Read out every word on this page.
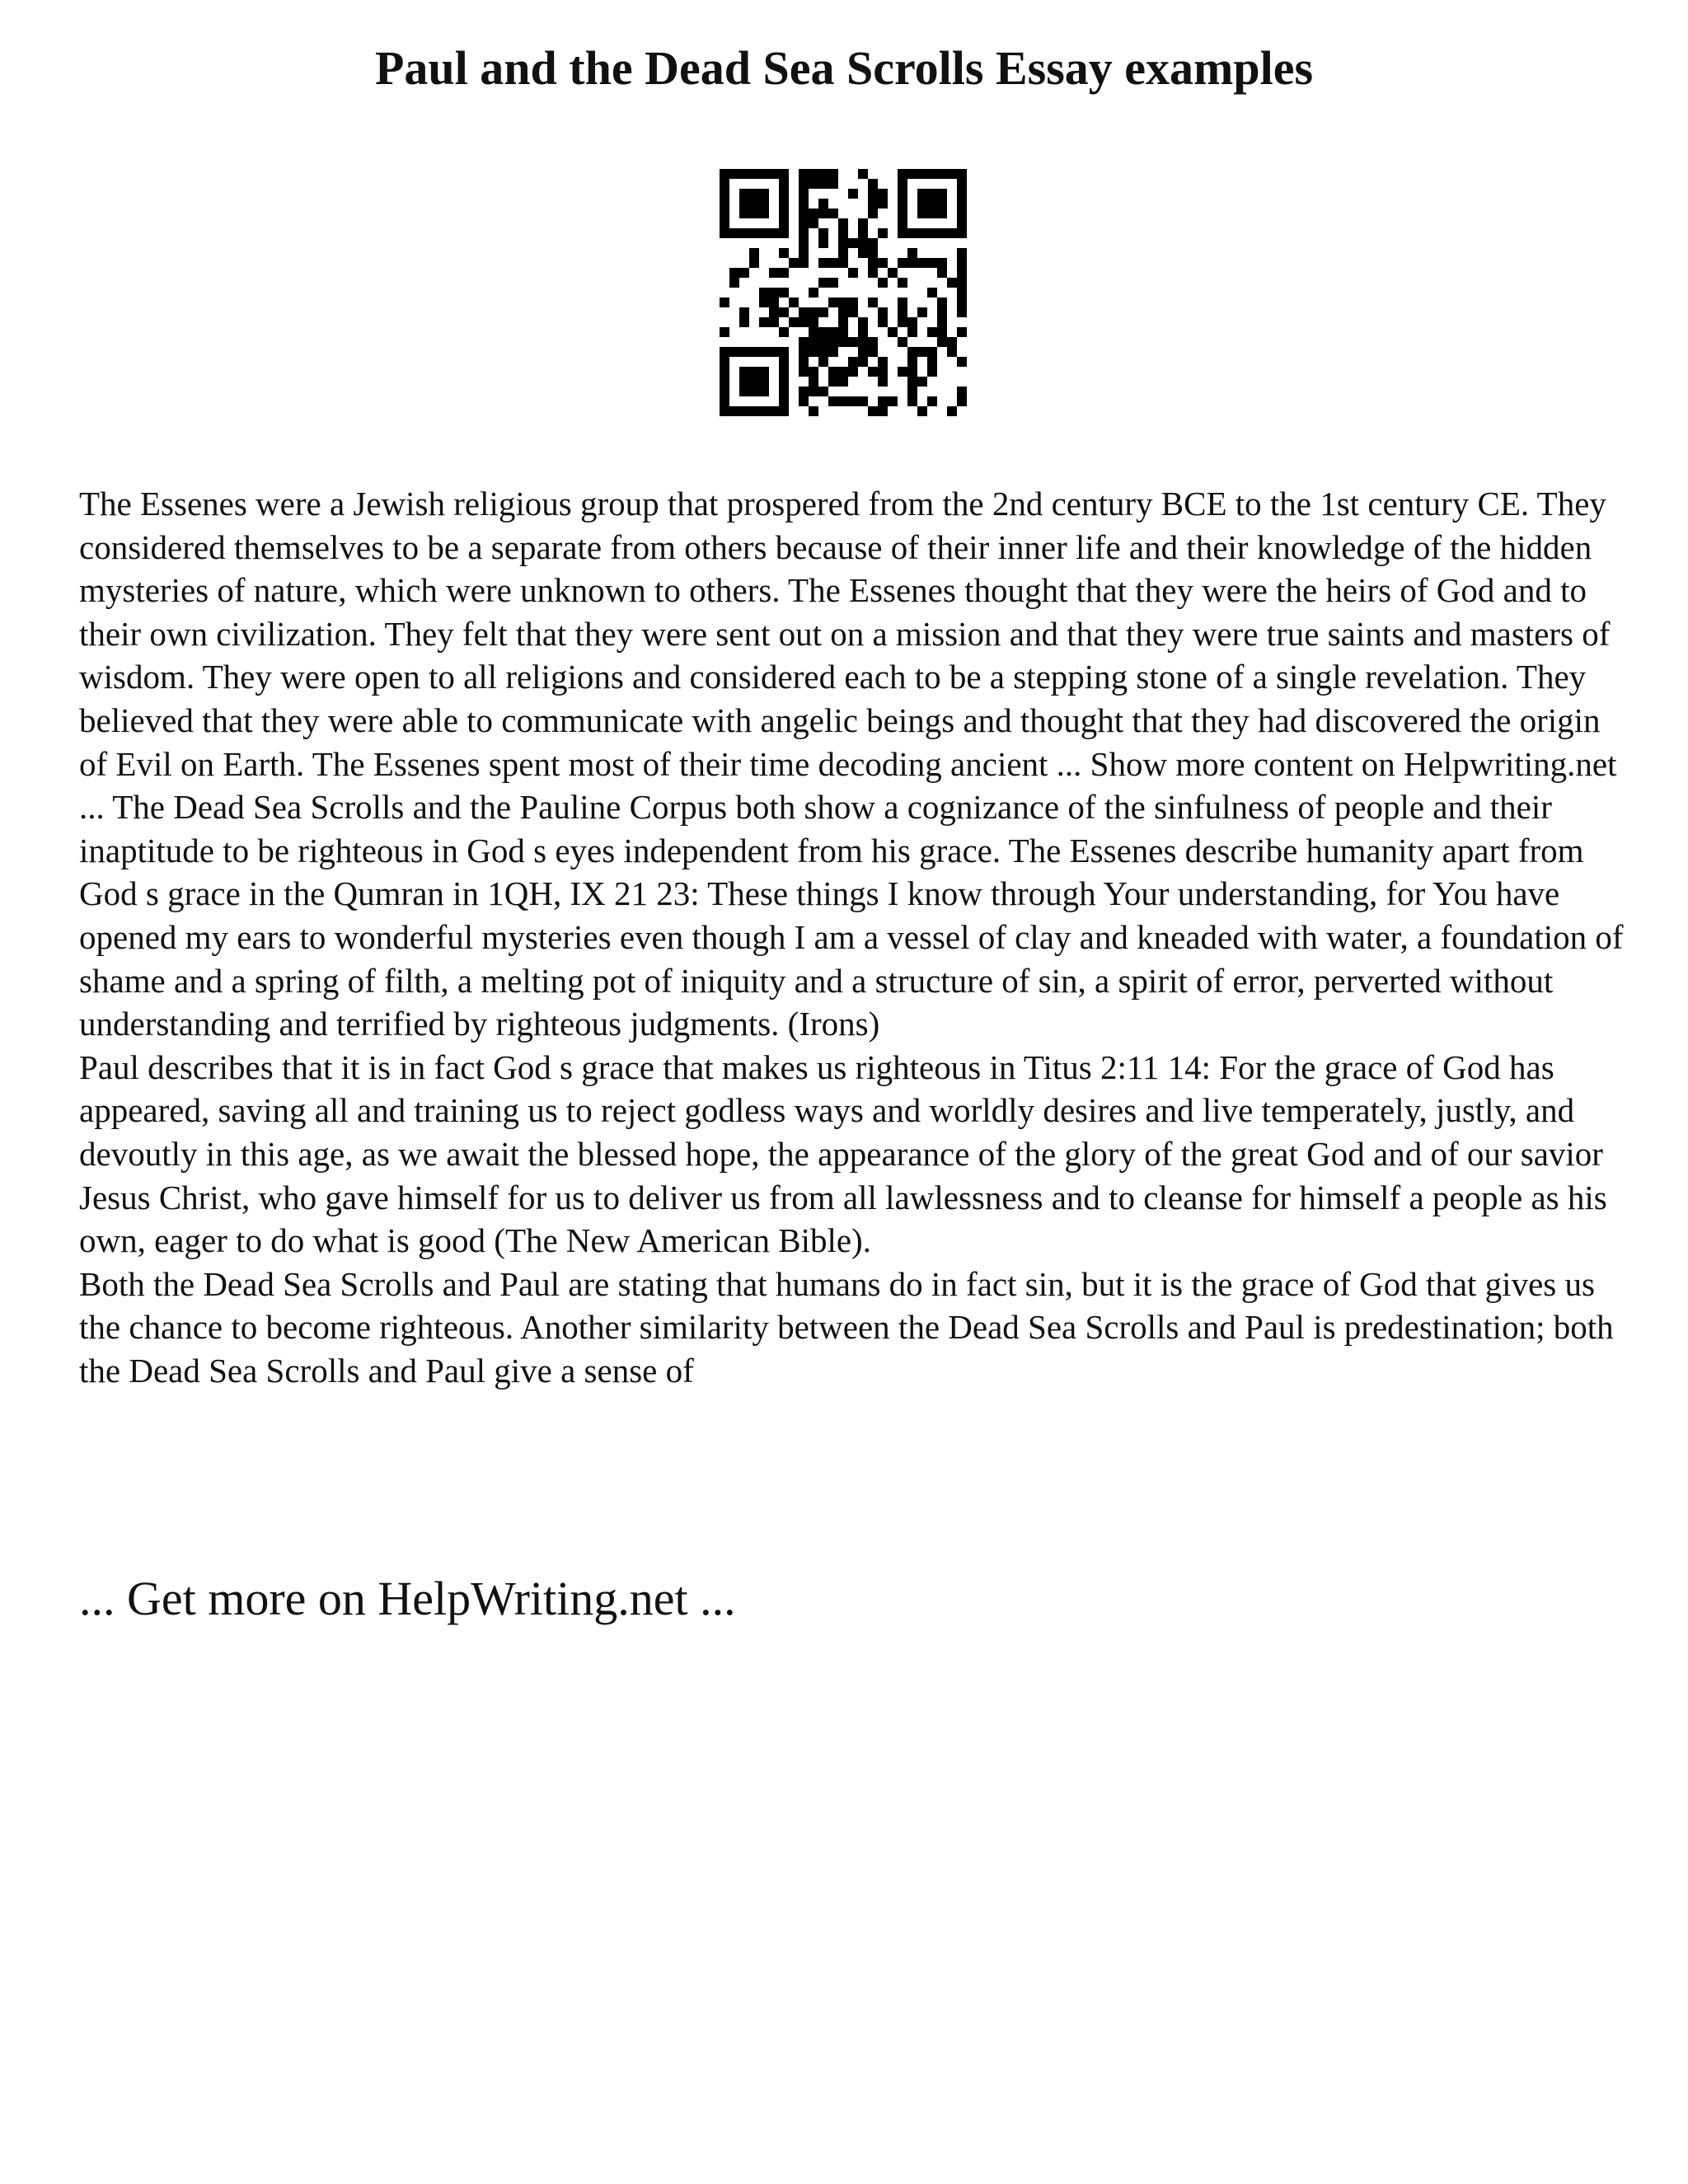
Paul and the Dead Sea Scrolls Essay examples

The Essenes were a Jewish religious group that prospered from the 2nd century BCE to the 1st century CE. They considered themselves to be a separate from others because of their inner life and their knowledge of the hidden mysteries of nature, which were unknown to others. The Essenes thought that they were the heirs of God and to their own civilization. They felt that they were sent out on a mission and that they were true saints and masters of wisdom. They were open to all religions and considered each to be a stepping stone of a single revelation. They believed that they were able to communicate with angelic beings and thought that they had discovered the origin of Evil on Earth. The Essenes spent most of their time decoding ancient ... Show more content on Helpwriting.net ... The Dead Sea Scrolls and the Pauline Corpus both show a cognizance of the sinfulness of people and their inaptitude to be righteous in God s eyes independent from his grace. The Essenes describe humanity apart from God s grace in the Qumran in 1QH, IX 21 23: These things I know through Your understanding, for You have opened my ears to wonderful mysteries even though I am a vessel of clay and kneaded with water, a foundation of shame and a spring of filth, a melting pot of iniquity and a structure of sin, a spirit of error, perverted without understanding and terrified by righteous judgments. (Irons)

Paul describes that it is in fact God s grace that makes us righteous in Titus 2:11 14: For the grace of God has appeared, saving all and training us to reject godless ways and worldly desires and live temperately, justly, and devoutly in this age, as we await the blessed hope, the appearance of the glory of the great God and of our savior Jesus Christ, who gave himself for us to deliver us from all lawlessness and to cleanse for himself a people as his own, eager to do what is good (The New American Bible).

Both the Dead Sea Scrolls and Paul are stating that humans do in fact sin, but it is the grace of God that gives us the chance to become righteous. Another similarity between the Dead Sea Scrolls and Paul is predestination; both the Dead Sea Scrolls and Paul give a sense of

... Get more on HelpWriting.net ...
